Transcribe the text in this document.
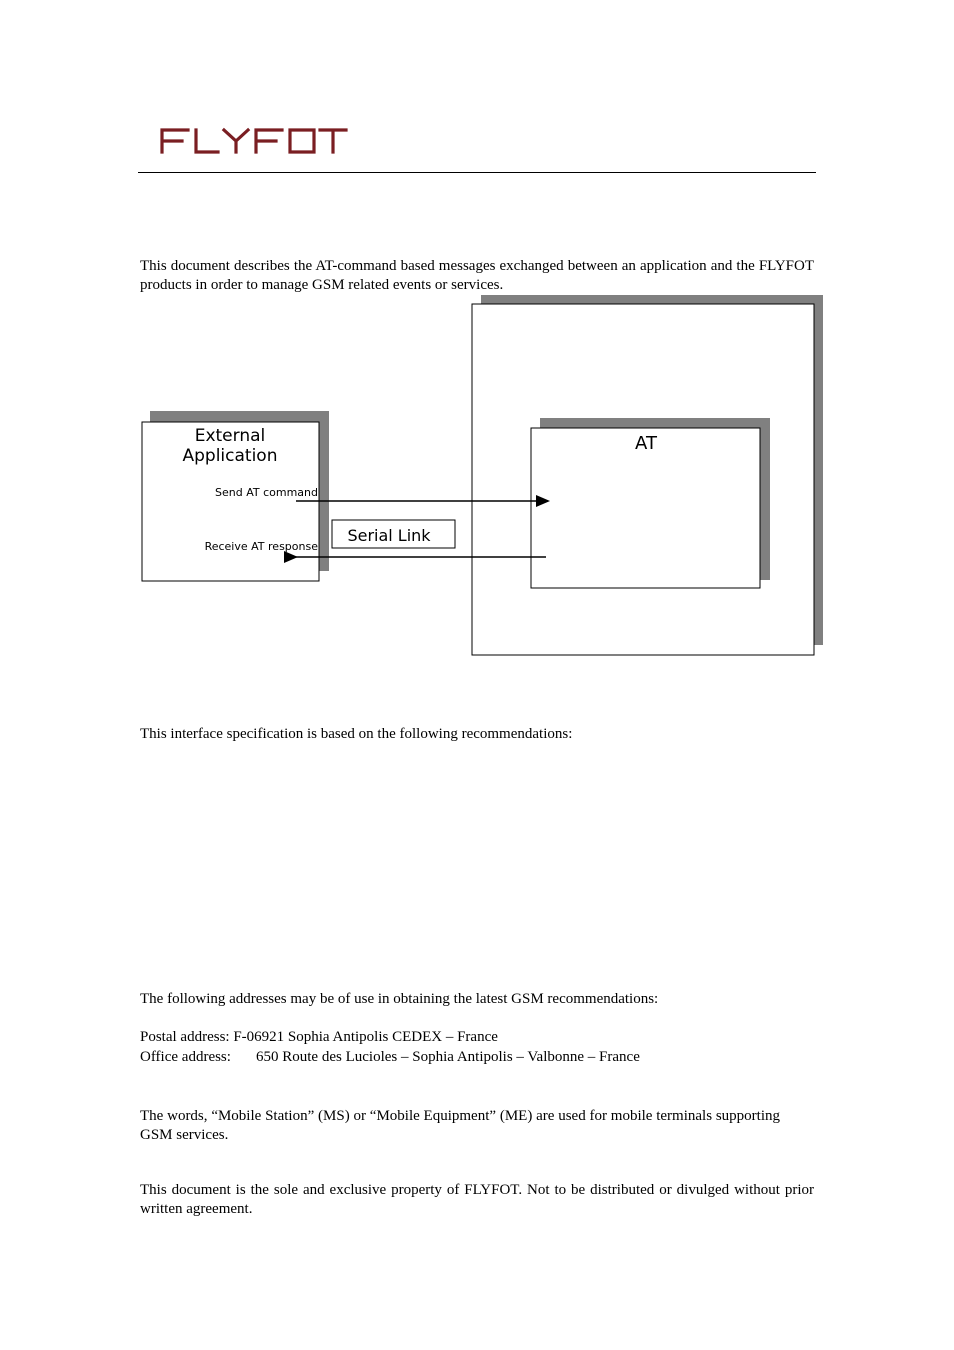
This document describes the AT-command based messages exchanged between an application and the FLYFOT products in order to manage GSM related events or services.

External
Application
Send AT command
Receive AT response
AT
Serial Link

This interface specification is based on the following recommendations:

The following addresses may be of use in obtaining the latest GSM recommendations:

Postal address: F-06921 Sophia Antipolis CEDEX – France

Office address: 650 Route des Lucioles – Sophia Antipolis – Valbonne – France

The words, “Mobile Station” (MS) or “Mobile Equipment” (ME) are used for mobile terminals supporting GSM services.

This document is the sole and exclusive property of FLYFOT. Not to be distributed or divulged without prior written agreement.
